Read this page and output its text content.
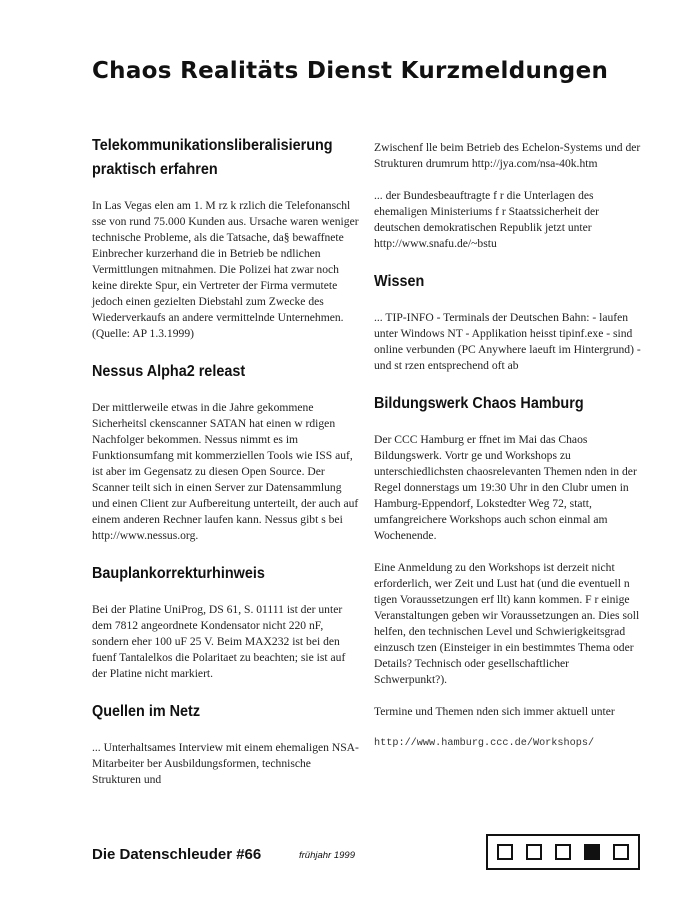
Chaos Realitäts Dienst Kurzmeldungen
Telekommunikationsliberalisierung
praktisch erfahren

In Las Vegas elen am 1. M rz k rzlich die Telefonanschl sse von rund 75.000 Kunden aus. Ursache waren weniger technische Probleme, als die Tatsache, da§ bewaffnete Einbrecher kurzerhand die in Betrieb be ndlichen Vermittlungen mitnahmen. Die Polizei hat zwar noch keine direkte Spur, ein Vertreter der Firma vermutete jedoch einen gezielten Diebstahl zum Zwecke des Wiederverkaufs an andere vermittelnde Unternehmen. (Quelle: AP 1.3.1999)

Nessus Alpha2 releast

Der mittlerweile etwas in die Jahre gekommene Sicherheitsl ckenscanner SATAN hat einen w rdigen Nachfolger bekommen. Nessus nimmt es im Funktionsumfang mit kommerziellen Tools wie ISS auf, ist aber im Gegensatz zu diesen Open Source. Der Scanner teilt sich in einen Server zur Datensammlung und einen Client zur Aufbereitung unterteilt, der auch auf einem anderen Rechner laufen kann. Nessus gibt s bei http://www.nessus.org.

Bauplankorrekturhinweis

Bei der Platine UniProg, DS 61, S. 01111 ist der unter dem 7812 angeordnete Kondensator nicht 220 nF, sondern eher 100 uF 25 V. Beim MAX232 ist bei den fuenf Tantalelkos die Polaritaet zu beachten; sie ist auf der Platine nicht markiert.

Quellen im Netz

... Unterhaltsames Interview mit einem ehemaligen NSA-Mitarbeiter ber Ausbildungsformen, technische Strukturen und

Zwischenf lle beim Betrieb des Echelon-Systems und der Strukturen drumrum http://jya.com/nsa-40k.htm

... der Bundesbeauftragte f r die Unterlagen des ehemaligen Ministeriums f r Staatssicherheit der deutschen demokratischen Republik jetzt unter http://www.snafu.de/~bstu

Wissen

... TIP-INFO - Terminals der Deutschen Bahn: - laufen unter Windows NT - Applikation heisst tipinf.exe - sind online verbunden (PC Anywhere laeuft im Hintergrund) - und st rzen entsprechend oft ab

Bildungswerk Chaos Hamburg

Der CCC Hamburg er ffnet im Mai das Chaos Bildungswerk. Vortr ge und Workshops zu unterschiedlichsten chaosrelevanten Themen nden in der Regel donnerstags um 19:30 Uhr in den Clubr umen in Hamburg-Eppendorf, Lokstedter Weg 72, statt, umfangreichere Workshops auch schon einmal am Wochenende.

Eine Anmeldung zu den Workshops ist derzeit nicht erforderlich, wer Zeit und Lust hat (und die eventuell n tigen Voraussetzungen erf llt) kann kommen. F r einige Veranstaltungen geben wir Voraussetzungen an. Dies soll helfen, den technischen Level und Schwierigkeitsgrad einzusch tzen (Einsteiger in ein bestimmtes Thema oder Details? Technisch oder gesellschaftlicher Schwerpunkt?).

Termine und Themen nden sich immer aktuell unter

http://www.hamburg.ccc.de/Workshops/

Die Datenschleuder #66	frühjahr 1999
